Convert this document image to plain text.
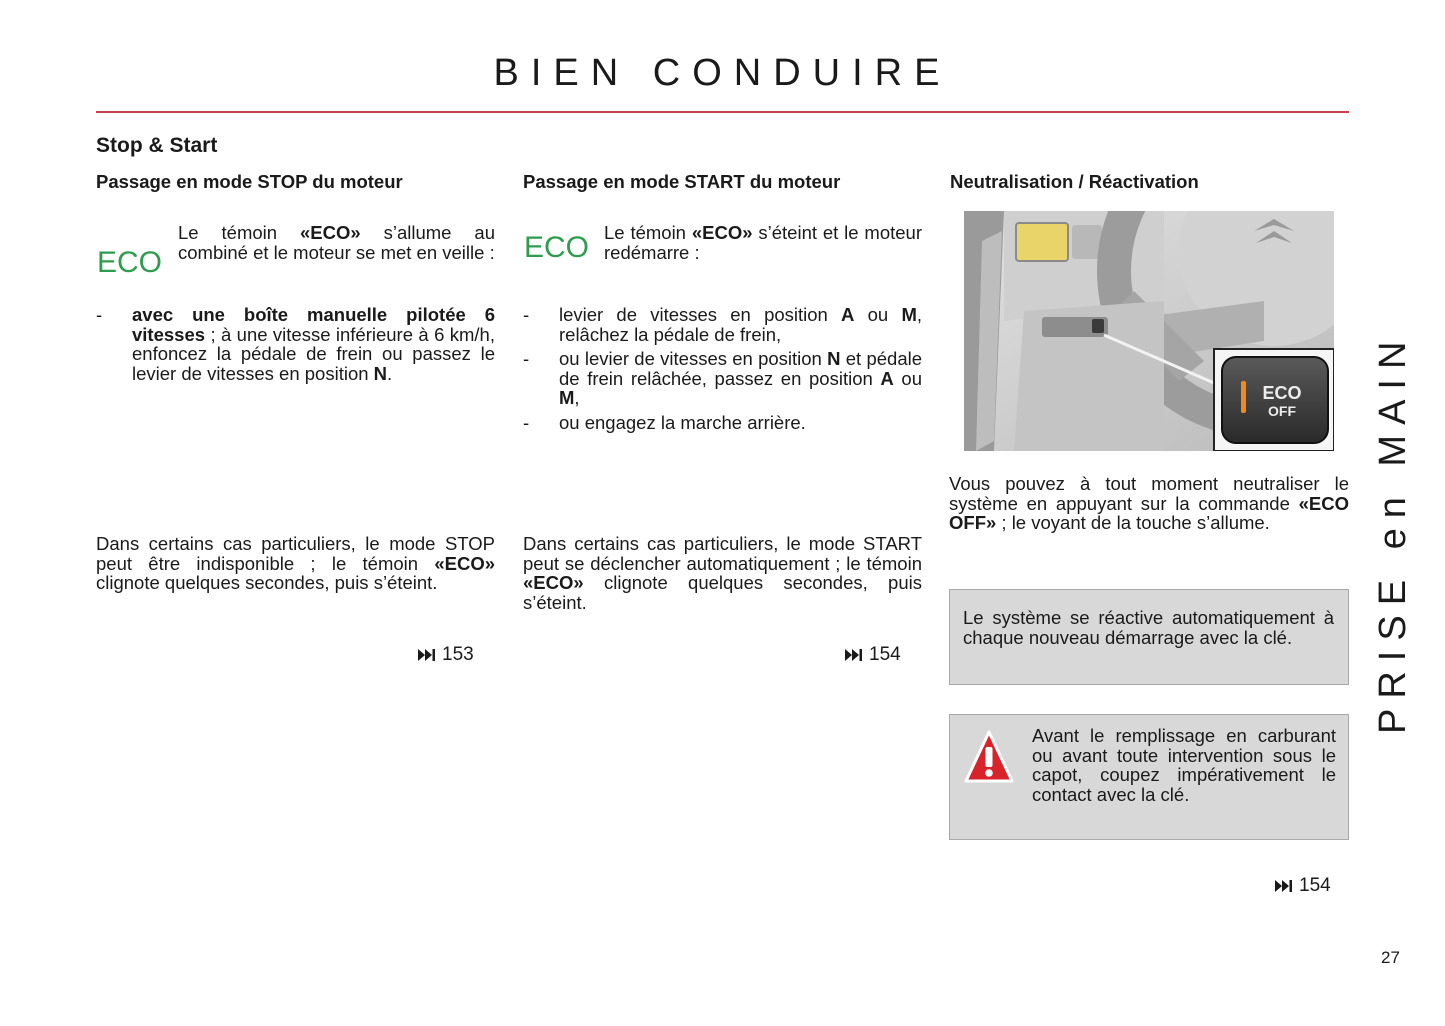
BIEN CONDUIRE
Stop & Start
Passage en mode STOP du moteur	Passage en mode START du moteur	Neutralisation / Réactivation
ECO
Le témoin «ECO» s’allume au combiné et le moteur se met en veille :
- avec une boîte manuelle pilotée 6 vitesses ; à une vitesse inférieure à 6 km/h, enfoncez la pédale de frein ou passez le levier de vitesses en position N.
Dans certains cas particuliers, le mode STOP peut être indisponible ; le témoin «ECO» clignote quelques secondes, puis s’éteint.
153
ECO Le témoin «ECO» s’éteint et le moteur redémarre :
- levier de vitesses en position A ou M, relâchez la pédale de frein,
- ou levier de vitesses en position N et pédale de frein relâchée, passez en position A ou M,
- ou engagez la marche arrière.
Dans certains cas particuliers, le mode START peut se déclencher automatiquement ; le témoin «ECO» clignote quelques secondes, puis s’éteint.
154
ECO
OFF
Vous pouvez à tout moment neutraliser le système en appuyant sur la commande «ECO OFF» ; le voyant de la touche s’allume.
Le système se réactive automatiquement à chaque nouveau démarrage avec la clé.
Avant le remplissage en carburant ou avant toute intervention sous le capot, coupez impérativement le contact avec la clé.
154
PRISE en MAIN
27
